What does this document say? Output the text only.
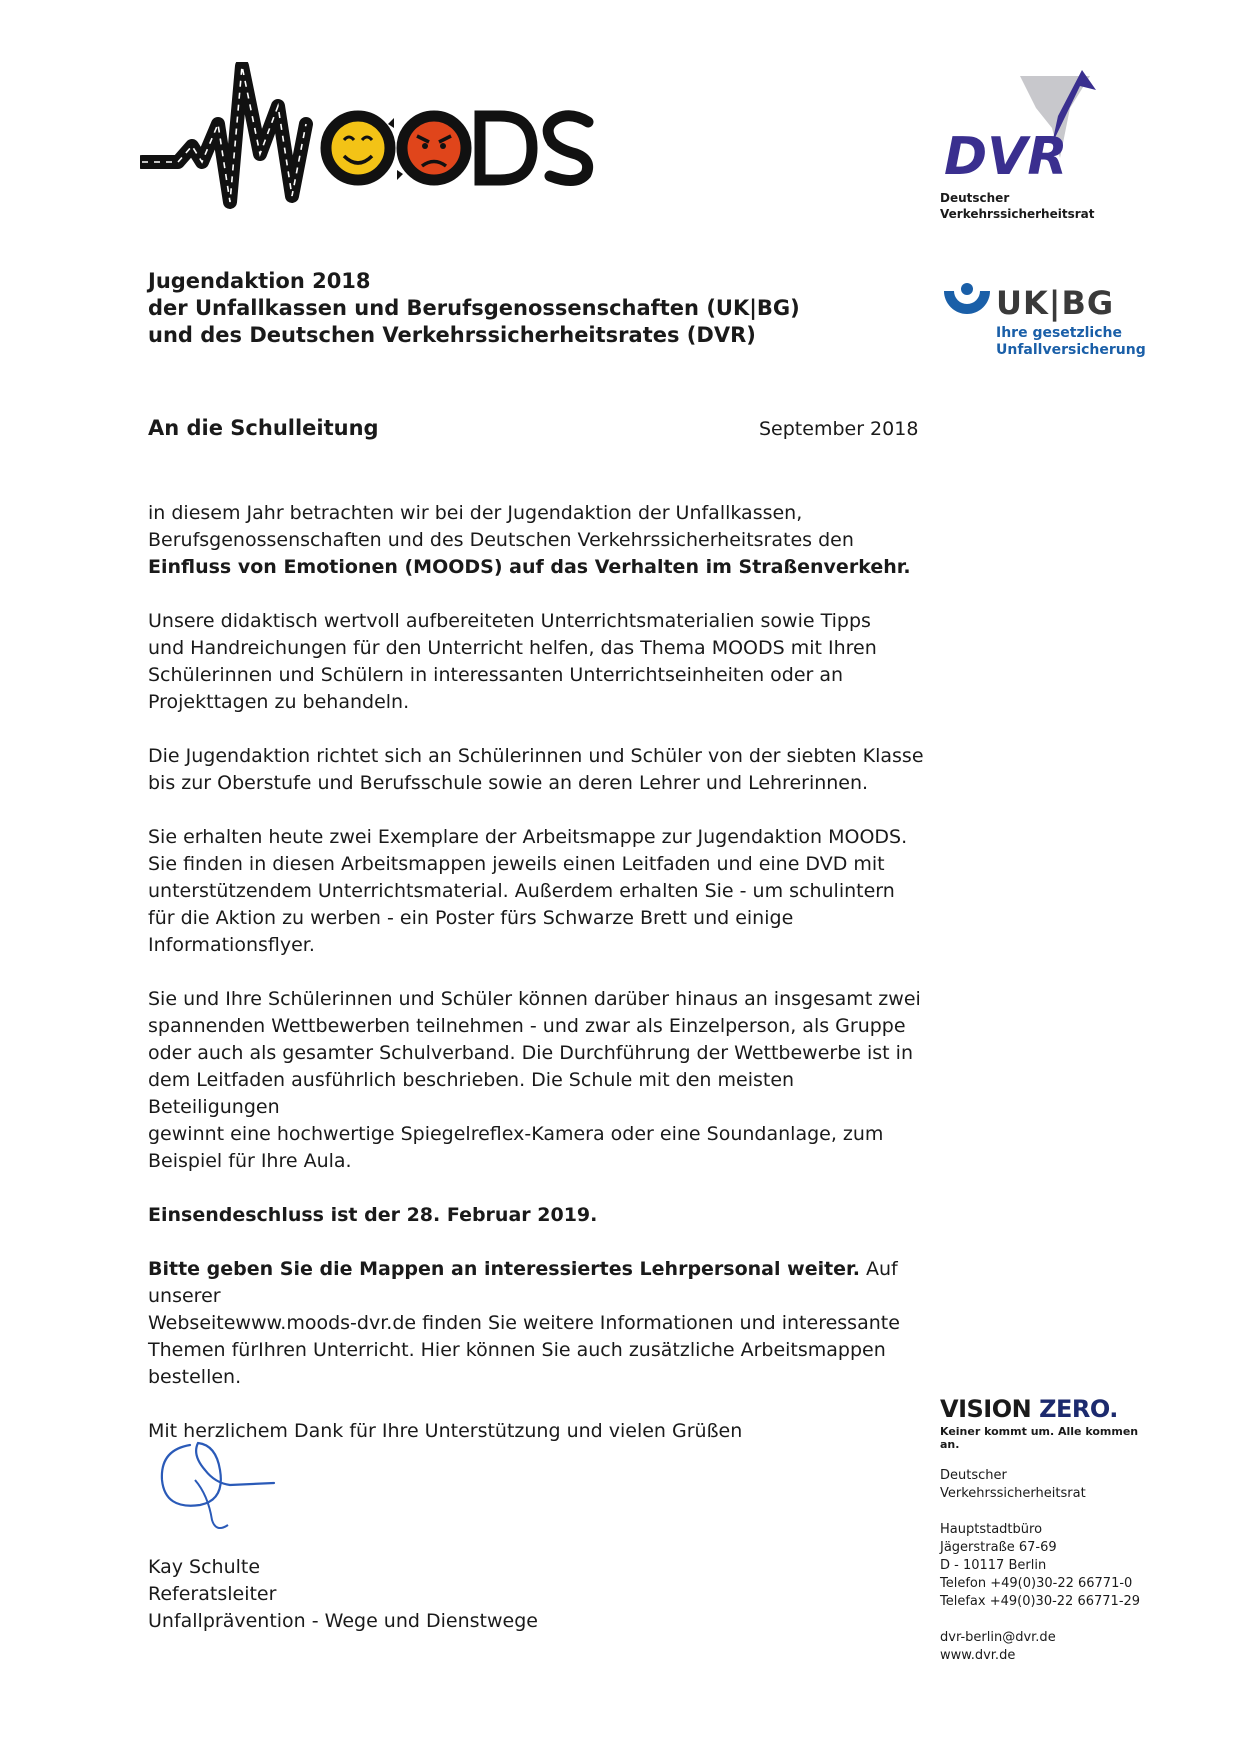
DVR
Deutscher
Verkehrssicherheitsrat
UK|BG
Ihre gesetzliche
Unfallversicherung
Jugendaktion 2018
der Unfallkassen und Berufsgenossenschaften (UK|BG)
und des Deutschen Verkehrssicherheitsrates (DVR)
An die Schulleitung	September 2018

in diesem Jahr betrachten wir bei der Jugendaktion der Unfallkassen,
Berufsgenossenschaften und des Deutschen Verkehrssicherheitsrates den
Einfluss von Emotionen (MOODS) auf das Verhalten im Straßenverkehr.

Unsere didaktisch wertvoll aufbereiteten Unterrichtsmaterialien sowie Tipps
und Handreichungen für den Unterricht helfen, das Thema MOODS mit Ihren
Schülerinnen und Schülern in interessanten Unterrichtseinheiten oder an
Projekttagen zu behandeln.

Die Jugendaktion richtet sich an Schülerinnen und Schüler von der siebten Klasse
bis zur Oberstufe und Berufsschule sowie an deren Lehrer und Lehrerinnen.

Sie erhalten heute zwei Exemplare der Arbeitsmappe zur Jugendaktion MOODS.
Sie finden in diesen Arbeitsmappen jeweils einen Leitfaden und eine DVD mit
unterstützendem Unterrichtsmaterial. Außerdem erhalten Sie - um schulintern
für die Aktion zu werben - ein Poster fürs Schwarze Brett und einige
Informationsflyer.

Sie und Ihre Schülerinnen und Schüler können darüber hinaus an insgesamt zwei
spannenden Wettbewerben teilnehmen - und zwar als Einzelperson, als Gruppe
oder auch als gesamter Schulverband. Die Durchführung der Wettbewerbe ist in
dem Leitfaden ausführlich beschrieben. Die Schule mit den meisten Beteiligungen
gewinnt eine hochwertige Spiegelreflex-Kamera oder eine Soundanlage, zum
Beispiel für Ihre Aula.

Einsendeschluss ist der 28. Februar 2019.

Bitte geben Sie die Mappen an interessiertes Lehrpersonal weiter. Auf unserer
Webseitewww.moods-dvr.de finden Sie weitere Informationen und interessante
Themen fürIhren Unterricht. Hier können Sie auch zusätzliche Arbeitsmappen
bestellen.

Mit herzlichem Dank für Ihre Unterstützung und vielen Grüßen

Kay Schulte
Referatsleiter
Unfallprävention - Wege und Dienstwege
VISION ZERO.
Keiner kommt um. Alle kommen an.
Deutscher
Verkehrssicherheitsrat
Hauptstadtbüro
Jägerstraße 67-69
D - 10117 Berlin
Telefon +49(0)30-22 66771-0
Telefax +49(0)30-22 66771-29
dvr-berlin@dvr.de
www.dvr.de
